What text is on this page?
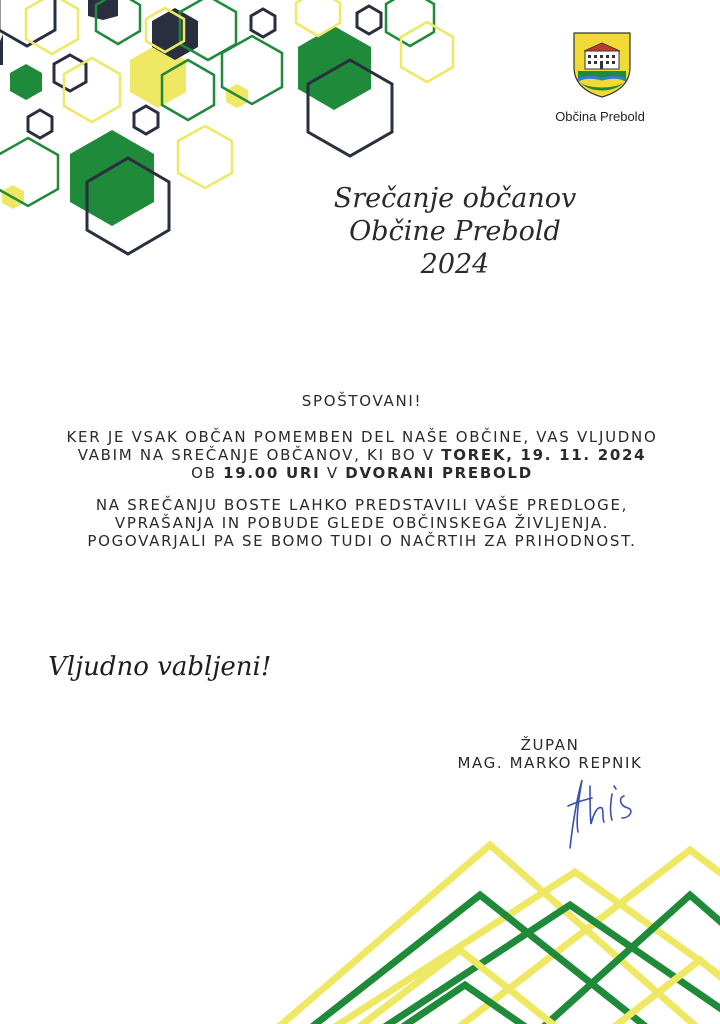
Občina Prebold
Srečanje občanov
Občine Prebold
2024
SPOŠTOVANI!
KER JE VSAK OBČAN POMEMBEN DEL NAŠE OBČINE, VAS VLJUDNO VABIM NA SREČANJE OBČANOV, KI BO V TOREK, 19. 11. 2024 OB 19.00 URI V DVORANI PREBOLD
NA SREČANJU BOSTE LAHKO PREDSTAVILI VAŠE PREDLOGE, VPRAŠANJA IN POBUDE GLEDE OBČINSKEGA ŽIVLJENJA. POGOVARJALI PA SE BOMO TUDI O NAČRTIH ZA PRIHODNOST.
Vljudno vabljeni!
ŽUPAN
MAG. MARKO REPNIK
